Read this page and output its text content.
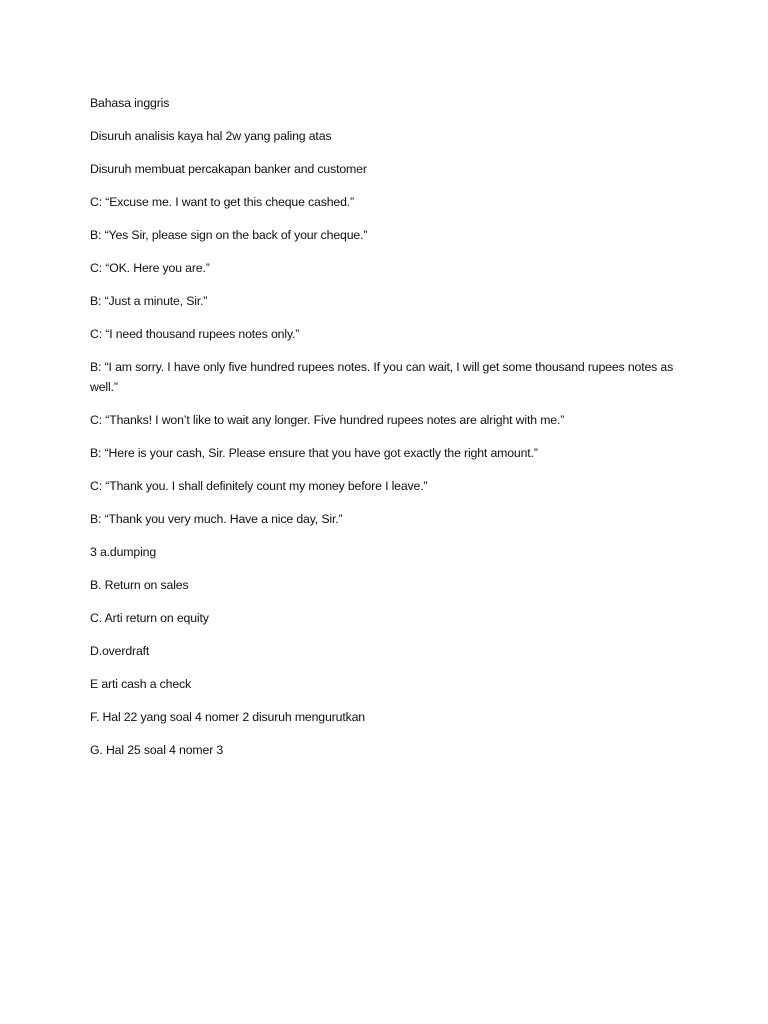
Bahasa inggris

Disuruh analisis kaya hal 2w yang paling atas

Disuruh membuat percakapan banker and customer

C: “Excuse me. I want to get this cheque cashed.”

B: “Yes Sir, please sign on the back of your cheque.”

C: “OK. Here you are.”

B: “Just a minute, Sir.”

C: “I need thousand rupees notes only.”

B: “I am sorry. I have only five hundred rupees notes. If you can wait, I will get some thousand rupees notes as well.”

C: “Thanks! I won’t like to wait any longer. Five hundred rupees notes are alright with me.”

B: “Here is your cash, Sir. Please ensure that you have got exactly the right amount.”

C: “Thank you. I shall definitely count my money before I leave.”

B: “Thank you very much. Have a nice day, Sir.”

3 a.dumping

B. Return on sales

C. Arti return on equity

D.overdraft

E arti cash a check

F. Hal 22 yang soal 4 nomer 2 disuruh mengurutkan

G. Hal 25 soal 4 nomer 3
